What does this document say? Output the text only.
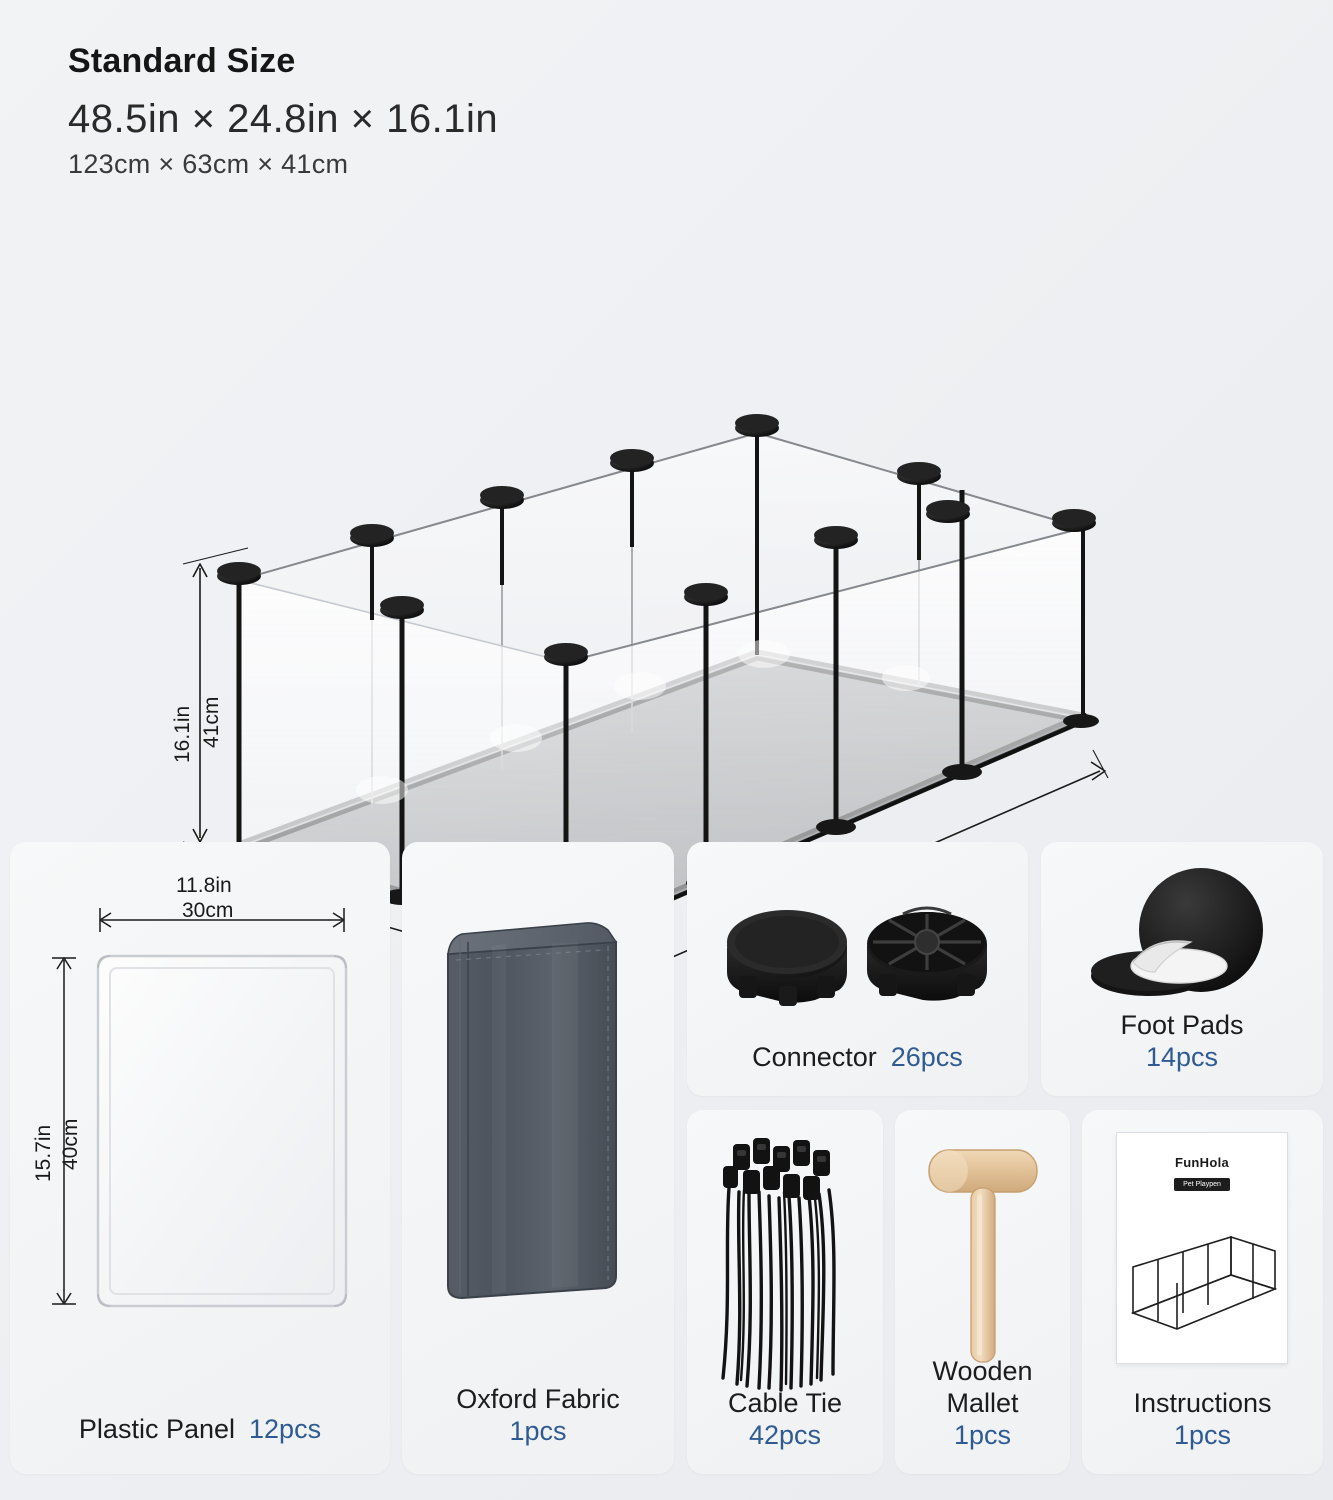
Standard Size
48.5in × 24.8in × 16.1in
123cm × 63cm × 41cm
16.1in 41cm
11.8in
30cm
15.7in 40cm
Plastic Panel 12pcs
Oxford Fabric
1pcs
Connector 26pcs
Foot Pads
14pcs
Cable Tie
42pcs
Wooden
Mallet
1pcs
FunHola
Pet Playpen
Instructions
1pcs
